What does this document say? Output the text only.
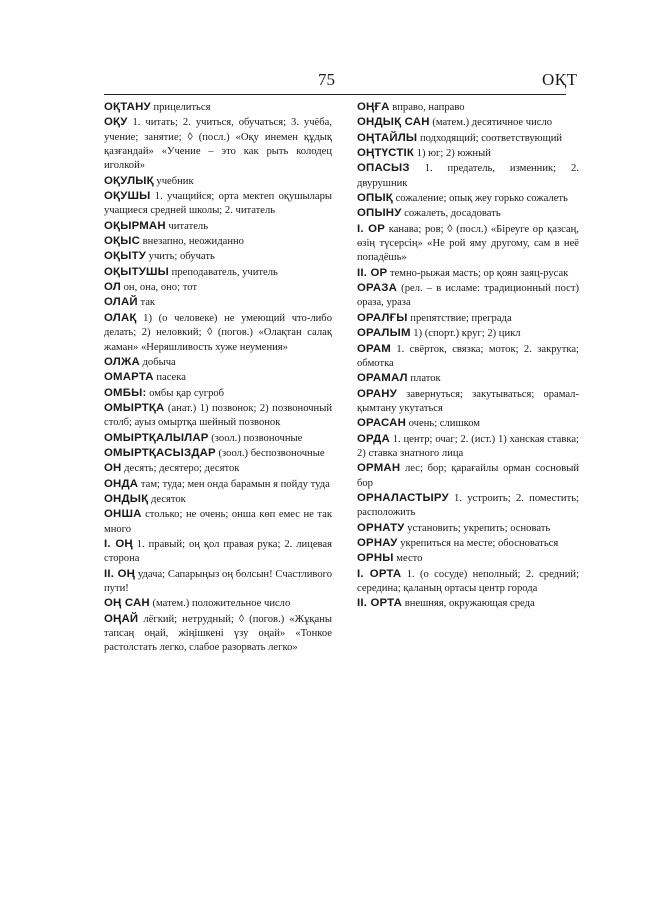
75	ОҚТ

ОҚТАНУ прицелиться

ОҚУ 1. читать; 2. учиться, обучаться; 3. учёба, учение; занятие; ◊ (посл.) «Оқу инемен құдық қазғандай» «Учение – это как рыть колодец иголкой»

ОҚУЛЫҚ учебник

ОҚУШЫ 1. учащийся; орта мектеп оқушылары учащиеся средней школы; 2. читатель

ОҚЫРМАН читатель

ОҚЫС внезапно, неожиданно

ОҚЫТУ учить; обучать

ОҚЫТУШЫ преподаватель, учитель

ОЛ он, она, оно; тот

ОЛАЙ так

ОЛАҚ 1) (о человеке) не умеющий что-либо делать; 2) неловкий; ◊ (погов.) «Олақтан салақ жаман» «Неряшливость хуже неумения»

ОЛЖА добыча

ОМАРТА пасека

ОМБЫ: омбы қар сугроб

ОМЫРТҚА (анат.) 1) позвонок; 2) позвоночный столб; ауыз омыртқа шейный позвонок

ОМЫРТҚАЛЫЛАР (зоол.) позвоночные

ОМЫРТҚАСЫЗДАР (зоол.) беспозвоночные

ОН десять; десятеро; десяток

ОНДА там; туда; мен онда барамын я пойду туда

ОНДЫҚ десяток

ОНША столько; не очень; онша көп емес не так много

I. ОҢ 1. правый; оң қол правая рука; 2. лицевая сторона

II. ОҢ удача; Сапарыңыз оң болсын! Счастливого пути!

ОҢ САН (матем.) положительное число

ОҢАЙ лёгкий; нетрудный; ◊ (погов.) «Жұқаны тапсаң оңай, жіңішкені үзу оңай» «Тонкое растолстать легко, слабое разорвать легко»

ОҢҒА вправо, направо

ОНДЫҚ САН (матем.) десятичное число

ОҢТАЙЛЫ подходящий; соответствующий

ОҢТҮСТІК 1) юг; 2) южный

ОПАСЫЗ 1. предатель, изменник; 2. двурушник

ОПЫҚ сожаление; опық жеу горько сожалеть

ОПЫНУ сожалеть, досадовать

I. ОР канава; ров; ◊ (посл.) «Біреуге ор қазсаң, өзің түсерсің» «Не рой яму другому, сам в неё попадёшь»

II. ОР темно-рыжая масть; ор қоян заяц-русак

ОРАЗА (рел. – в исламе: традиционный пост) ораза, ураза

ОРАЛҒЫ препятствие; преграда

ОРАЛЫМ 1) (спорт.) круг; 2) цикл

ОРАМ 1. свёрток, связка; моток; 2. закрутка; обмотка

ОРАМАЛ платок

ОРАНУ завернуться; закутываться; орамал-қымтану укутаться

ОРАСАН очень; слишком

ОРДА 1. центр; очаг; 2. (ист.) 1) ханская ставка; 2) ставка знатного лица

ОРМАН лес; бор; қарағайлы орман сосновый бор

ОРНАЛАСТЫРУ 1. устроить; 2. поместить; расположить

ОРНАТУ установить; укрепить; основать

ОРНАУ укрепиться на месте; обосноваться

ОРНЫ место

I. ОРТА 1. (о сосуде) неполный; 2. средний; середина; қаланың ортасы центр города

II. ОРТА внешняя, окружающая среда
